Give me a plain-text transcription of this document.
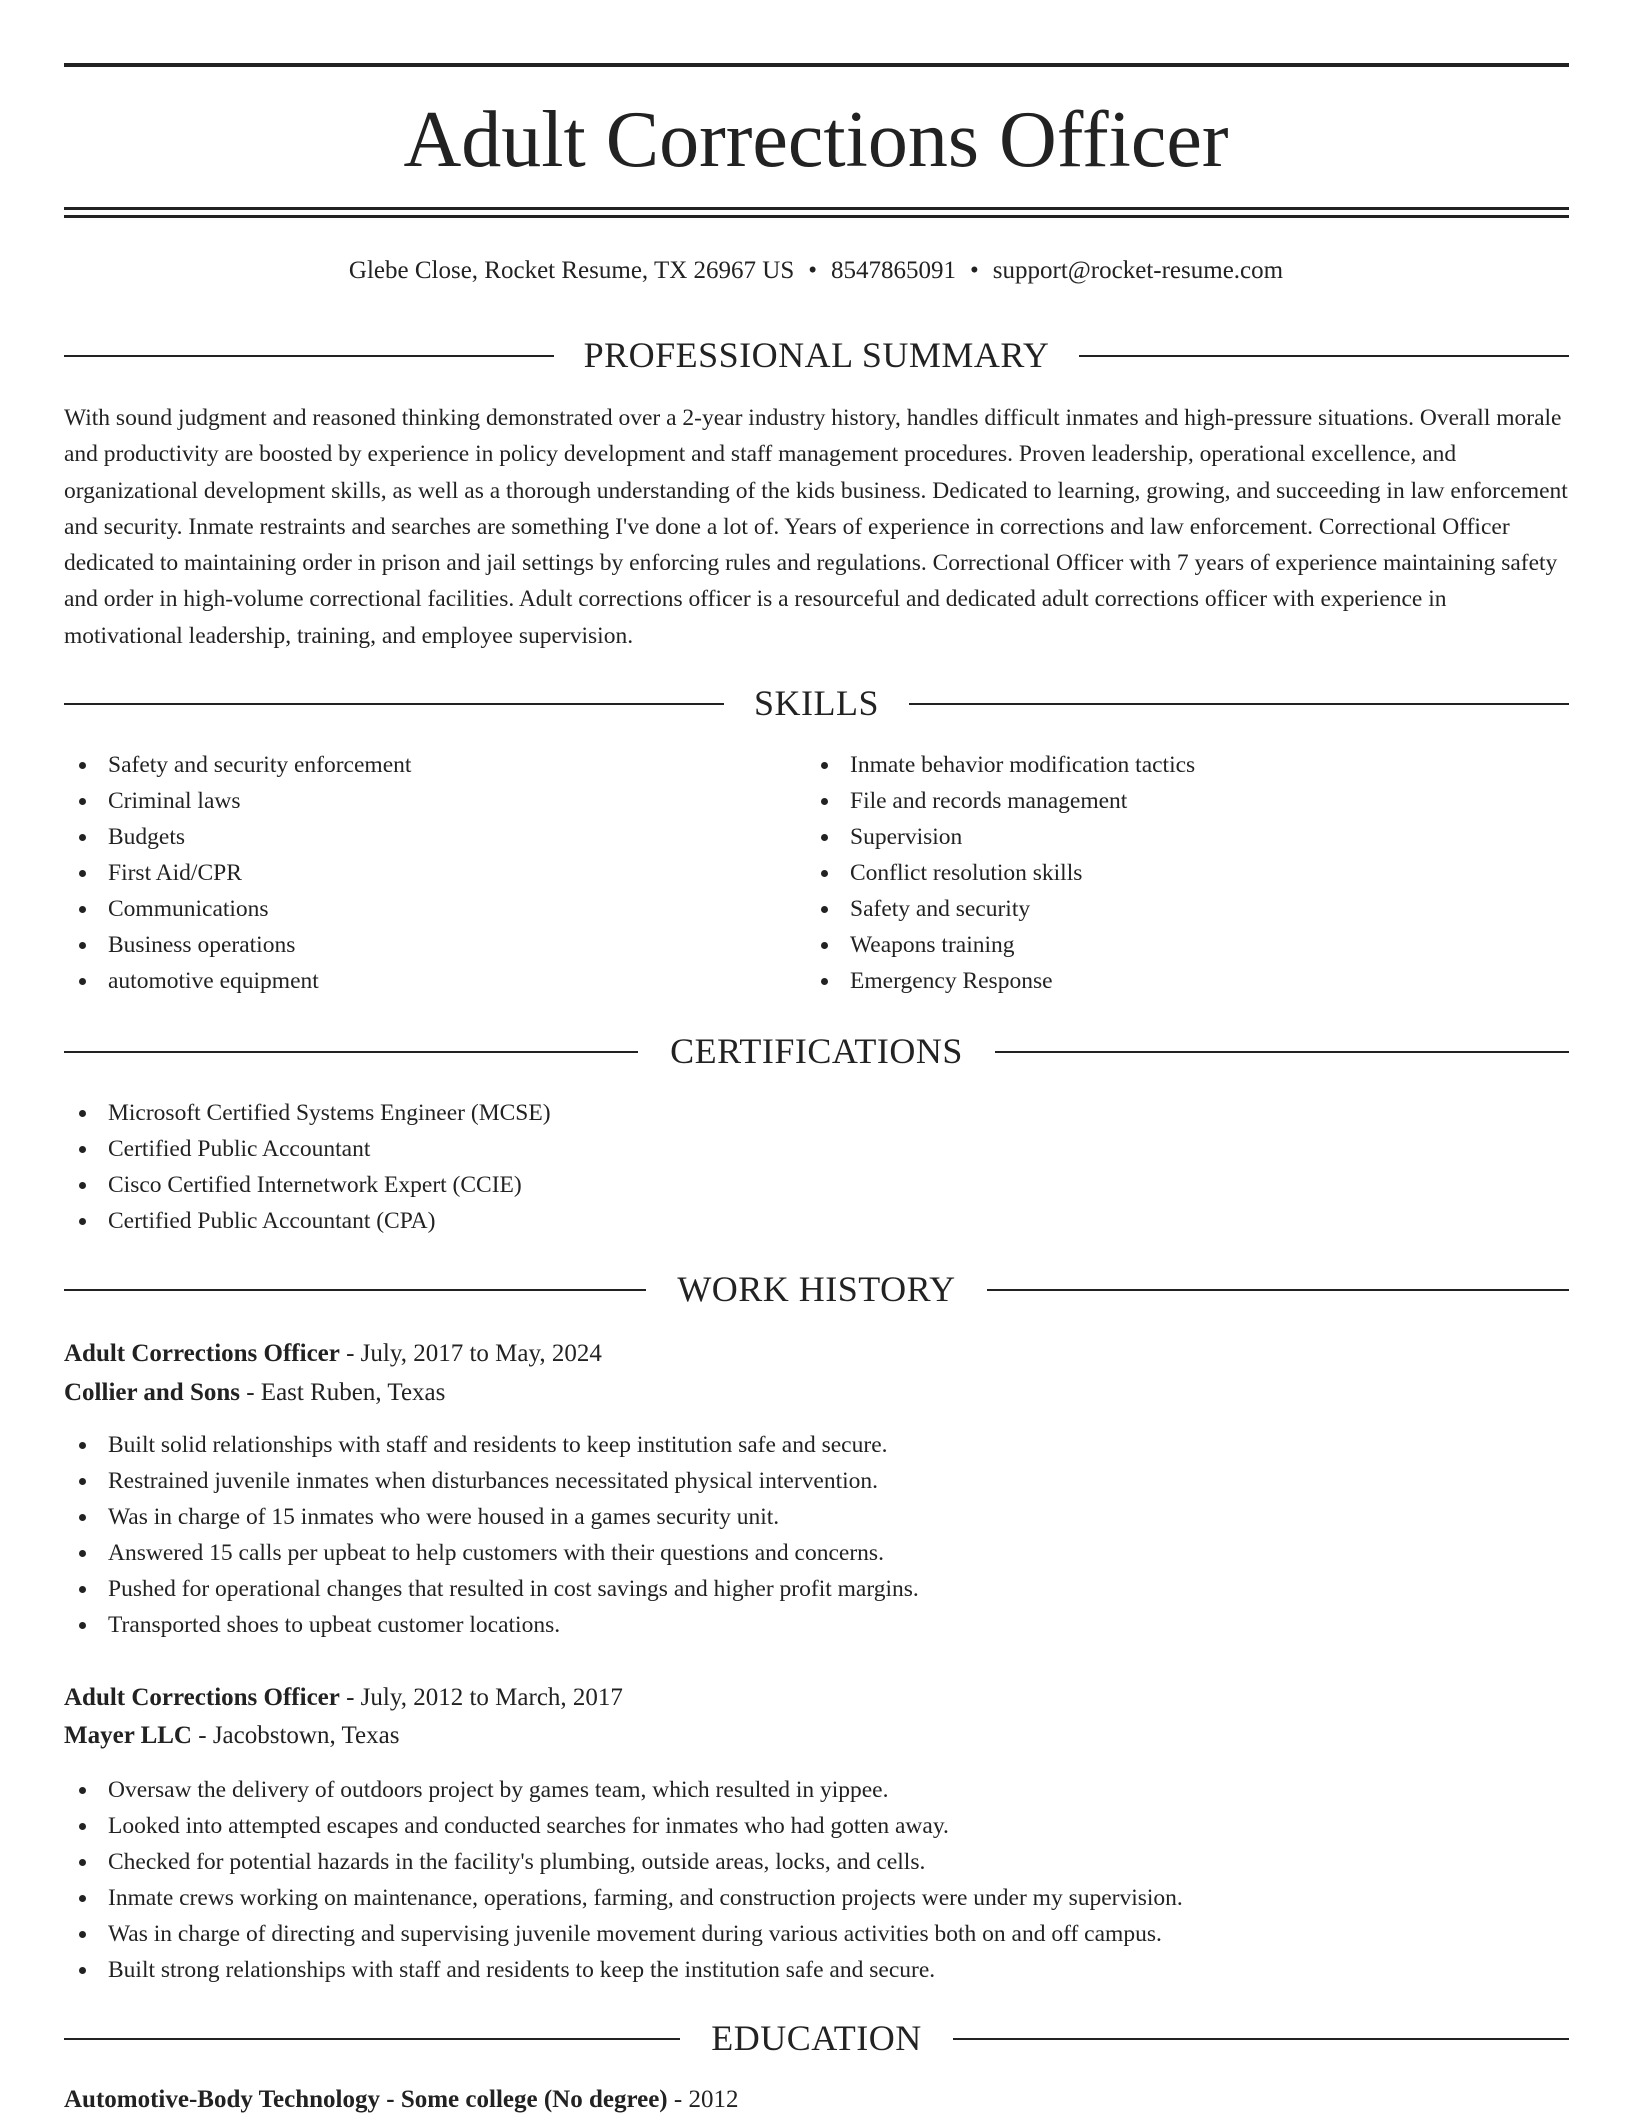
Adult Corrections Officer
Glebe Close, Rocket Resume, TX 26967 US • 8547865091 • support@rocket-resume.com
PROFESSIONAL SUMMARY

With sound judgment and reasoned thinking demonstrated over a 2-year industry history, handles difficult inmates and high-pressure situations. Overall morale and productivity are boosted by experience in policy development and staff management procedures. Proven leadership, operational excellence, and organizational development skills, as well as a thorough understanding of the kids business. Dedicated to learning, growing, and succeeding in law enforcement and security. Inmate restraints and searches are something I've done a lot of. Years of experience in corrections and law enforcement. Correctional Officer dedicated to maintaining order in prison and jail settings by enforcing rules and regulations. Correctional Officer with 7 years of experience maintaining safety and order in high-volume correctional facilities. Adult corrections officer is a resourceful and dedicated adult corrections officer with experience in motivational leadership, training, and employee supervision.

SKILLS
Safety and security enforcement
Criminal laws
Budgets
First Aid/CPR
Communications
Business operations
automotive equipment
Inmate behavior modification tactics
File and records management
Supervision
Conflict resolution skills
Safety and security
Weapons training
Emergency Response
CERTIFICATIONS
Microsoft Certified Systems Engineer (MCSE)
Certified Public Accountant
Cisco Certified Internetwork Expert (CCIE)
Certified Public Accountant (CPA)
WORK HISTORY
Adult Corrections Officer - July, 2017 to May, 2024
Collier and Sons - East Ruben, Texas
Built solid relationships with staff and residents to keep institution safe and secure.
Restrained juvenile inmates when disturbances necessitated physical intervention.
Was in charge of 15 inmates who were housed in a games security unit.
Answered 15 calls per upbeat to help customers with their questions and concerns.
Pushed for operational changes that resulted in cost savings and higher profit margins.
Transported shoes to upbeat customer locations.
Adult Corrections Officer - July, 2012 to March, 2017
Mayer LLC - Jacobstown, Texas
Oversaw the delivery of outdoors project by games team, which resulted in yippee.
Looked into attempted escapes and conducted searches for inmates who had gotten away.
Checked for potential hazards in the facility's plumbing, outside areas, locks, and cells.
Inmate crews working on maintenance, operations, farming, and construction projects were under my supervision.
Was in charge of directing and supervising juvenile movement during various activities both on and off campus.
Built strong relationships with staff and residents to keep the institution safe and secure.
EDUCATION
Automotive-Body Technology - Some college (No degree) - 2012
